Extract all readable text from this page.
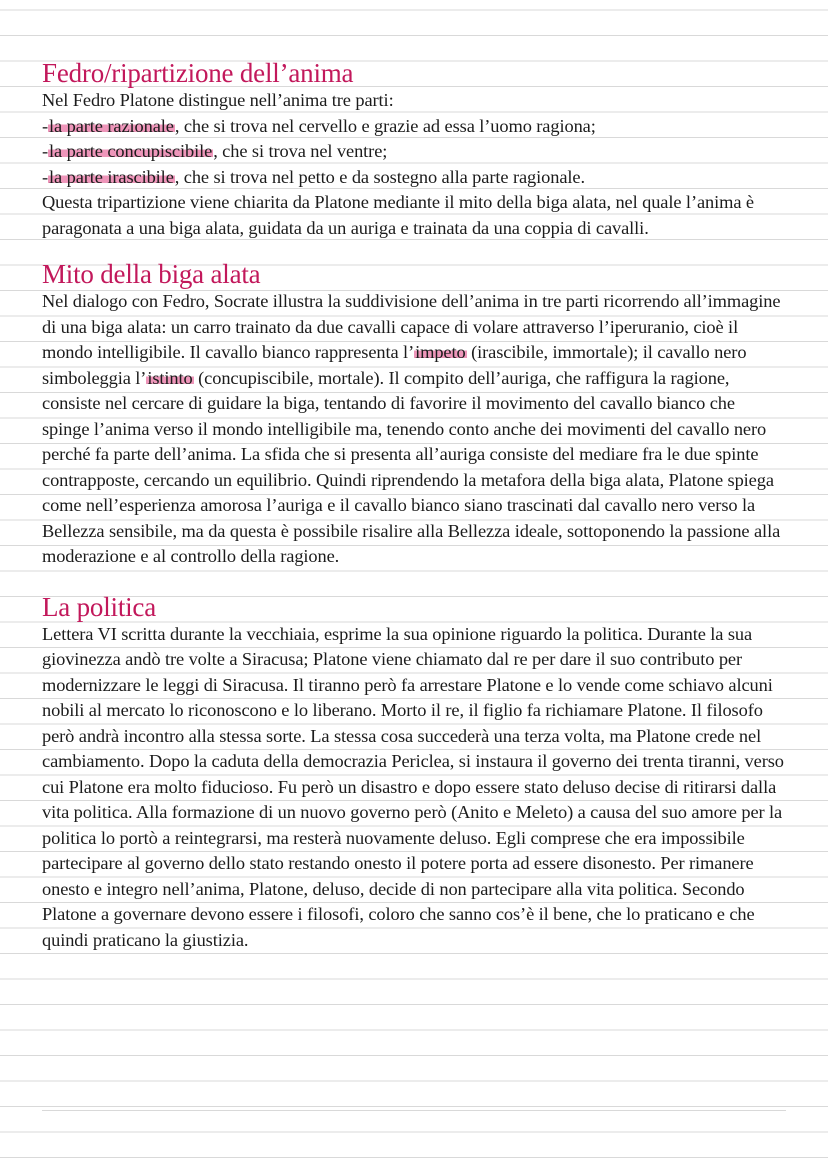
Fedro/ripartizione dell’anima

Nel Fedro Platone distingue nell’anima tre parti:

-la parte razionale, che si trova nel cervello e grazie ad essa l’uomo ragiona;

-la parte concupiscibile, che si trova nel ventre;

-la parte irascibile, che si trova nel petto e da sostegno alla parte ragionale.

Questa tripartizione viene chiarita da Platone mediante il mito della biga alata, nel quale l’anima è paragonata a una biga alata, guidata da un auriga e trainata da una coppia di cavalli.

Mito della biga alata

Nel dialogo con Fedro, Socrate illustra la suddivisione dell’anima in tre parti ricorrendo all’immagine di una biga alata: un carro trainato da due cavalli capace di volare attraverso l’iperuranio, cioè il mondo intelligibile. Il cavallo bianco rappresenta l’impeto (irascibile, immortale); il cavallo nero simboleggia l’istinto (concupiscibile, mortale). Il compito dell’auriga, che raffigura la ragione, consiste nel cercare di guidare la biga, tentando di favorire il movimento del cavallo bianco che spinge l’anima verso il mondo intelligibile ma, tenendo conto anche dei movimenti del cavallo nero perché fa parte dell’anima. La sfida che si presenta all’auriga consiste del mediare fra le due spinte contrapposte, cercando un equilibrio. Quindi riprendendo la metafora della biga alata, Platone spiega come nell’esperienza amorosa l’auriga e il cavallo bianco siano trascinati dal cavallo nero verso la Bellezza sensibile, ma da questa è possibile risalire alla Bellezza ideale, sottoponendo la passione alla moderazione e al controllo della ragione.

La politica

Lettera VI scritta durante la vecchiaia, esprime la sua opinione riguardo la politica. Durante la sua giovinezza andò tre volte a Siracusa; Platone viene chiamato dal re per dare il suo contributo per modernizzare le leggi di Siracusa. Il tiranno però fa arrestare Platone e lo vende come schiavo alcuni nobili al mercato lo riconoscono e lo liberano. Morto il re, il figlio fa richiamare Platone. Il filosofo però andrà incontro alla stessa sorte. La stessa cosa succederà una terza volta, ma Platone crede nel cambiamento. Dopo la caduta della democrazia Periclea, si instaura il governo dei trenta tiranni, verso cui Platone era molto fiducioso. Fu però un disastro e dopo essere stato deluso decise di ritirarsi dalla vita politica. Alla formazione di un nuovo governo però (Anito e Meleto) a causa del suo amore per la politica lo portò a reintegrarsi, ma resterà nuovamente deluso. Egli comprese che era impossibile partecipare al governo dello stato restando onesto il potere porta ad essere disonesto. Per rimanere onesto e integro nell’anima, Platone, deluso, decide di non partecipare alla vita politica. Secondo Platone a governare devono essere i filosofi, coloro che sanno cos’è il bene, che lo praticano e che quindi praticano la giustizia.
